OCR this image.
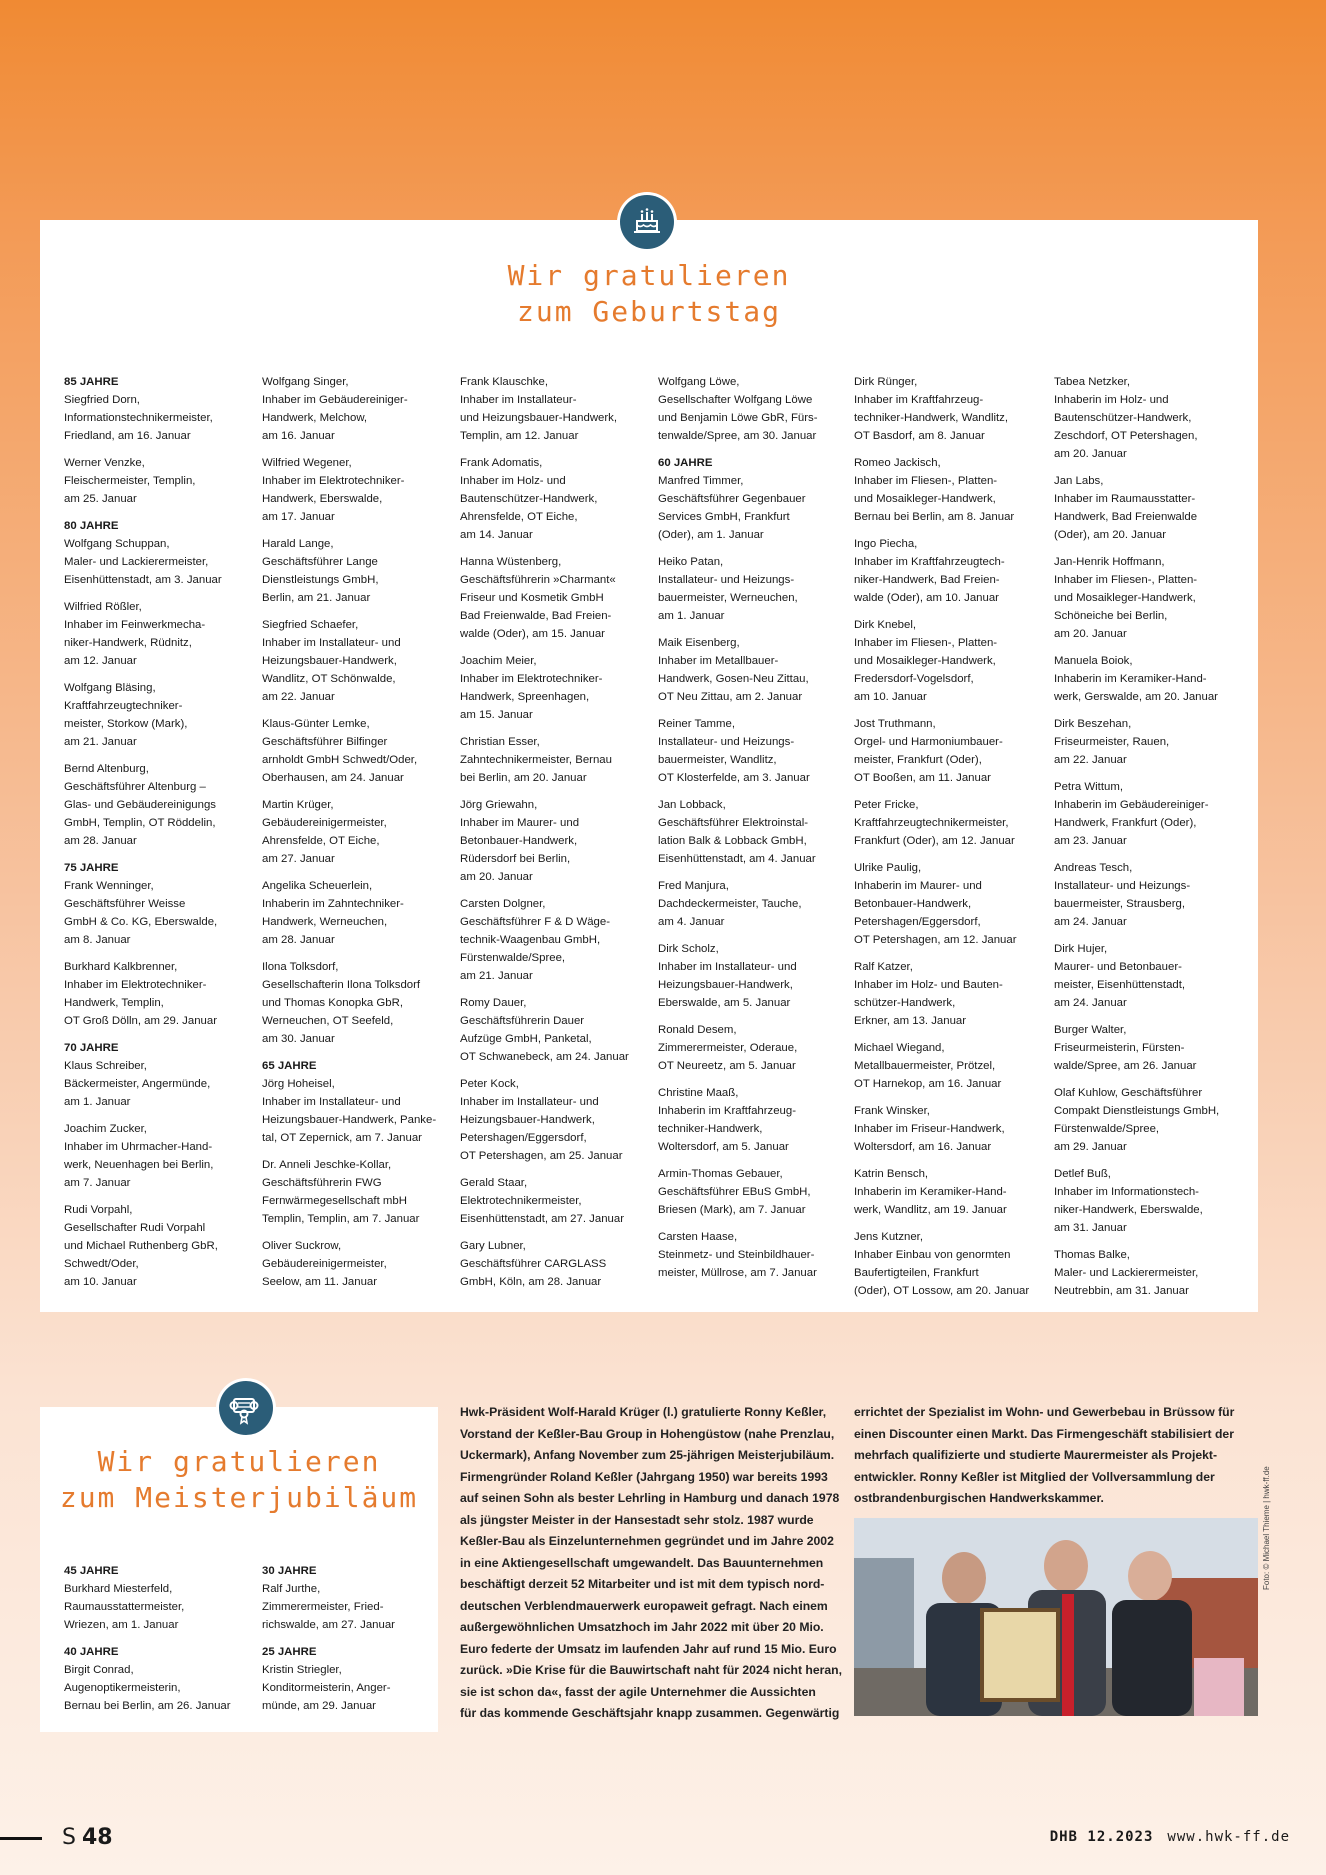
Wir gratulieren
zum Geburtstag
85 JAHRE
Siegfried Dorn,
Informationstechnikermeister,
Friedland, am 16. Januar
Werner Venzke,
Fleischermeister, Templin,
am 25. Januar
80 JAHRE
Wolfgang Schuppan,
Maler- und Lackierermeister,
Eisenhüttenstadt, am 3. Januar
Wilfried Rößler,
Inhaber im Feinwerkmecha-
niker-Handwerk, Rüdnitz,
am 12. Januar
Wolfgang Bläsing,
Kraftfahrzeugtechniker-
meister, Storkow (Mark),
am 21. Januar
Bernd Altenburg,
Geschäftsführer Altenburg –
Glas- und Gebäudereinigungs
GmbH, Templin, OT Röddelin,
am 28. Januar
75 JAHRE
Frank Wenninger,
Geschäftsführer Weisse
GmbH & Co. KG, Eberswalde,
am 8. Januar
Burkhard Kalkbrenner,
Inhaber im Elektrotechniker-
Handwerk, Templin,
OT Groß Dölln, am 29. Januar
70 JAHRE
Klaus Schreiber,
Bäckermeister, Angermünde,
am 1. Januar
Joachim Zucker,
Inhaber im Uhrmacher-Hand-
werk, Neuenhagen bei Berlin,
am 7. Januar
Rudi Vorpahl,
Gesellschafter Rudi Vorpahl
und Michael Ruthenberg GbR,
Schwedt/Oder,
am 10. Januar
Wolfgang Singer,
Inhaber im Gebäudereiniger-
Handwerk, Melchow,
am 16. Januar
Wilfried Wegener,
Inhaber im Elektrotechniker-
Handwerk, Eberswalde,
am 17. Januar
Harald Lange,
Geschäftsführer Lange
Dienstleistungs GmbH,
Berlin, am 21. Januar
Siegfried Schaefer,
Inhaber im Installateur- und
Heizungsbauer-Handwerk,
Wandlitz, OT Schönwalde,
am 22. Januar
Klaus-Günter Lemke,
Geschäftsführer Bilfinger
arnholdt GmbH Schwedt/Oder,
Oberhausen, am 24. Januar
Martin Krüger,
Gebäudereinigermeister,
Ahrensfelde, OT Eiche,
am 27. Januar
Angelika Scheuerlein,
Inhaberin im Zahntechniker-
Handwerk, Werneuchen,
am 28. Januar
Ilona Tolksdorf,
Gesellschafterin Ilona Tolksdorf
und Thomas Konopka GbR,
Werneuchen, OT Seefeld,
am 30. Januar
65 JAHRE
Jörg Hoheisel,
Inhaber im Installateur- und
Heizungsbauer-Handwerk, Panke-
tal, OT Zepernick, am 7. Januar
Dr. Anneli Jeschke-Kollar,
Geschäftsführerin FWG
Fernwärmegesellschaft mbH
Templin, Templin, am 7. Januar
Oliver Suckrow,
Gebäudereinigermeister,
Seelow, am 11. Januar
Frank Klauschke,
Inhaber im Installateur-
und Heizungsbauer-Handwerk,
Templin, am 12. Januar
Frank Adomatis,
Inhaber im Holz- und
Bautenschützer-Handwerk,
Ahrensfelde, OT Eiche,
am 14. Januar
Hanna Wüstenberg,
Geschäftsführerin »Charmant«
Friseur und Kosmetik GmbH
Bad Freienwalde, Bad Freien-
walde (Oder), am 15. Januar
Joachim Meier,
Inhaber im Elektrotechniker-
Handwerk, Spreenhagen,
am 15. Januar
Christian Esser,
Zahntechnikermeister, Bernau
bei Berlin, am 20. Januar
Jörg Griewahn,
Inhaber im Maurer- und
Betonbauer-Handwerk,
Rüdersdorf bei Berlin,
am 20. Januar
Carsten Dolgner,
Geschäftsführer F & D Wäge-
technik-Waagenbau GmbH,
Fürstenwalde/Spree,
am 21. Januar
Romy Dauer,
Geschäftsführerin Dauer
Aufzüge GmbH, Panketal,
OT Schwanebeck, am 24. Januar
Peter Kock,
Inhaber im Installateur- und
Heizungsbauer-Handwerk,
Petershagen/Eggersdorf,
OT Petershagen, am 25. Januar
Gerald Staar,
Elektrotechnikermeister,
Eisenhüttenstadt, am 27. Januar
Gary Lubner,
Geschäftsführer CARGLASS
GmbH, Köln, am 28. Januar
Wolfgang Löwe,
Gesellschafter Wolfgang Löwe
und Benjamin Löwe GbR, Fürs-
tenwalde/Spree, am 30. Januar
60 JAHRE
Manfred Timmer,
Geschäftsführer Gegenbauer
Services GmbH, Frankfurt
(Oder), am 1. Januar
Heiko Patan,
Installateur- und Heizungs-
bauermeister, Werneuchen,
am 1. Januar
Maik Eisenberg,
Inhaber im Metallbauer-
Handwerk, Gosen-Neu Zittau,
OT Neu Zittau, am 2. Januar
Reiner Tamme,
Installateur- und Heizungs-
bauermeister, Wandlitz,
OT Klosterfelde, am 3. Januar
Jan Lobback,
Geschäftsführer Elektroinstal-
lation Balk & Lobback GmbH,
Eisenhüttenstadt, am 4. Januar
Fred Manjura,
Dachdeckermeister, Tauche,
am 4. Januar
Dirk Scholz,
Inhaber im Installateur- und
Heizungsbauer-Handwerk,
Eberswalde, am 5. Januar
Ronald Desem,
Zimmerermeister, Oderaue,
OT Neureetz, am 5. Januar
Christine Maaß,
Inhaberin im Kraftfahrzeug-
techniker-Handwerk,
Woltersdorf, am 5. Januar
Armin-Thomas Gebauer,
Geschäftsführer EBuS GmbH,
Briesen (Mark), am 7. Januar
Carsten Haase,
Steinmetz- und Steinbildhauer-
meister, Müllrose, am 7. Januar
Dirk Rünger,
Inhaber im Kraftfahrzeug-
techniker-Handwerk, Wandlitz,
OT Basdorf, am 8. Januar
Romeo Jackisch,
Inhaber im Fliesen-, Platten-
und Mosaikleger-Handwerk,
Bernau bei Berlin, am 8. Januar
Ingo Piecha,
Inhaber im Kraftfahrzeugtech-
niker-Handwerk, Bad Freien-
walde (Oder), am 10. Januar
Dirk Knebel,
Inhaber im Fliesen-, Platten-
und Mosaikleger-Handwerk,
Fredersdorf-Vogelsdorf,
am 10. Januar
Jost Truthmann,
Orgel- und Harmoniumbauer-
meister, Frankfurt (Oder),
OT Booßen, am 11. Januar
Peter Fricke,
Kraftfahrzeugtechnikermeister,
Frankfurt (Oder), am 12. Januar
Ulrike Paulig,
Inhaberin im Maurer- und
Betonbauer-Handwerk,
Petershagen/Eggersdorf,
OT Petershagen, am 12. Januar
Ralf Katzer,
Inhaber im Holz- und Bauten-
schützer-Handwerk,
Erkner, am 13. Januar
Michael Wiegand,
Metallbauermeister, Prötzel,
OT Harnekop, am 16. Januar
Frank Winsker,
Inhaber im Friseur-Handwerk,
Woltersdorf, am 16. Januar
Katrin Bensch,
Inhaberin im Keramiker-Hand-
werk, Wandlitz, am 19. Januar
Jens Kutzner,
Inhaber Einbau von genormten
Baufertigteilen, Frankfurt
(Oder), OT Lossow, am 20. Januar
Tabea Netzker,
Inhaberin im Holz- und
Bautenschützer-Handwerk,
Zeschdorf, OT Petershagen,
am 20. Januar
Jan Labs,
Inhaber im Raumausstatter-
Handwerk, Bad Freienwalde
(Oder), am 20. Januar
Jan-Henrik Hoffmann,
Inhaber im Fliesen-, Platten-
und Mosaikleger-Handwerk,
Schöneiche bei Berlin,
am 20. Januar
Manuela Boiok,
Inhaberin im Keramiker-Hand-
werk, Gerswalde, am 20. Januar
Dirk Beszehan,
Friseurmeister, Rauen,
am 22. Januar
Petra Wittum,
Inhaberin im Gebäudereiniger-
Handwerk, Frankfurt (Oder),
am 23. Januar
Andreas Tesch,
Installateur- und Heizungs-
bauermeister, Strausberg,
am 24. Januar
Dirk Hujer,
Maurer- und Betonbauer-
meister, Eisenhüttenstadt,
am 24. Januar
Burger Walter,
Friseurmeisterin, Fürsten-
walde/Spree, am 26. Januar
Olaf Kuhlow, Geschäftsführer
Compakt Dienstleistungs GmbH,
Fürstenwalde/Spree,
am 29. Januar
Detlef Buß,
Inhaber im Informationstech-
niker-Handwerk, Eberswalde,
am 31. Januar
Thomas Balke,
Maler- und Lackierermeister,
Neutrebbin, am 31. Januar
Wir gratulieren
zum Meisterjubiläum
45 JAHRE
Burkhard Miesterfeld,
Raumausstattermeister,
Wriezen, am 1. Januar
40 JAHRE
Birgit Conrad,
Augenoptikermeisterin,
Bernau bei Berlin, am 26. Januar
30 JAHRE
Ralf Jurthe,
Zimmerermeister, Fried-
richswalde, am 27. Januar
25 JAHRE
Kristin Striegler,
Konditormeisterin, Anger-
münde, am 29. Januar
Hwk-Präsident Wolf-Harald Krüger (l.) gratulierte Ronny Keßler,
Vorstand der Keßler-Bau Group in Hohengüstow (nahe Prenzlau,
Uckermark), Anfang November zum 25-jährigen Meisterjubiläum.
Firmengründer Roland Keßler (Jahrgang 1950) war bereits 1993
auf seinen Sohn als bester Lehrling in Hamburg und danach 1978
als jüngster Meister in der Hansestadt sehr stolz. 1987 wurde
Keßler-Bau als Einzelunternehmen gegründet und im Jahre 2002
in eine Aktiengesellschaft umgewandelt. Das Bauunternehmen
beschäftigt derzeit 52 Mitarbeiter und ist mit dem typisch nord-
deutschen Verblendmauerwerk europaweit gefragt. Nach einem
außergewöhnlichen Umsatzhoch im Jahr 2022 mit über 20 Mio.
Euro federte der Umsatz im laufenden Jahr auf rund 15 Mio. Euro
zurück. »Die Krise für die Bauwirtschaft naht für 2024 nicht heran,
sie ist schon da«, fasst der agile Unternehmer die Aussichten
für das kommende Geschäftsjahr knapp zusammen. Gegenwärtig
errichtet der Spezialist im Wohn- und Gewerbebau in Brüssow für
einen Discounter einen Markt. Das Firmengeschäft stabilisiert der
mehrfach qualifizierte und studierte Maurermeister als Projekt-
entwickler. Ronny Keßler ist Mitglied der Vollversammlung der
ostbrandenburgischen Handwerkskammer.	Foto: © Michael Thieme | hwk-ff.de
S 48	DHB 12.2023 www.hwk-ff.de
